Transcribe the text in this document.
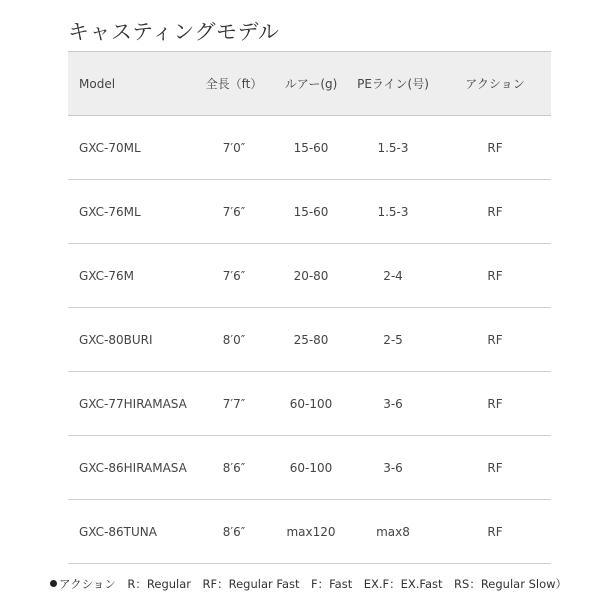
キャスティングモデル
Model	全長（ft）	ルアー(g)	PEライン(号)	アクション
GXC-70ML	7′0″	15-60	1.5-3	RF
GXC-76ML	7′6″	15-60	1.5-3	RF
GXC-76M	7′6″	20-80	2-4	RF
GXC-80BURI	8′0″	25-80	2-5	RF
GXC-77HIRAMASA	7′7″	60-100	3-6	RF
GXC-86HIRAMASA	8′6″	60-100	3-6	RF
GXC-86TUNA	8′6″	max120	max8	RF
アクション　R：Regular　RF：Regular Fast　F：Fast　EX.F：EX.Fast　RS：Regular Slow）
